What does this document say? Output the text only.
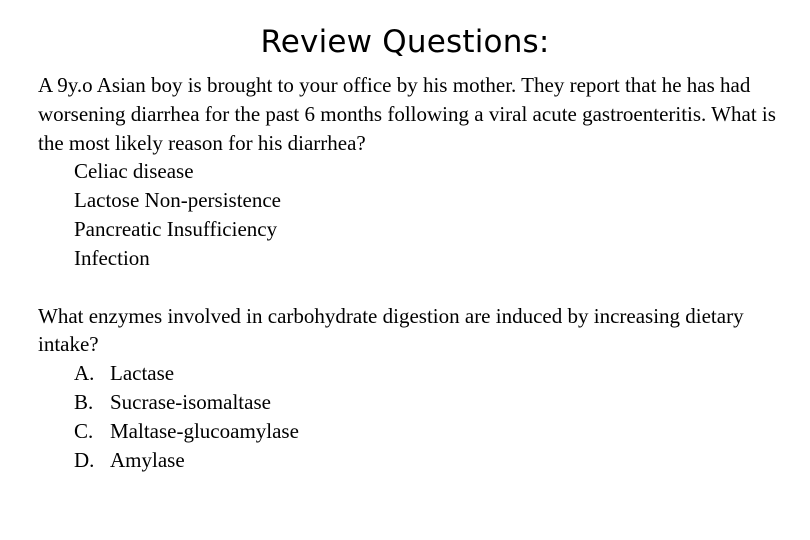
Review Questions:

A 9y.o Asian boy is brought to your office by his mother. They report that he has had worsening diarrhea for the past 6 months following a viral acute gastroenteritis. What is the most likely reason for his diarrhea?

Celiac disease
Lactose Non-persistence
Pancreatic Insufficiency
Infection

What enzymes involved in carbohydrate digestion are induced by increasing dietary intake?

A. Lactase
B. Sucrase-isomaltase
C. Maltase-glucoamylase
D. Amylase
